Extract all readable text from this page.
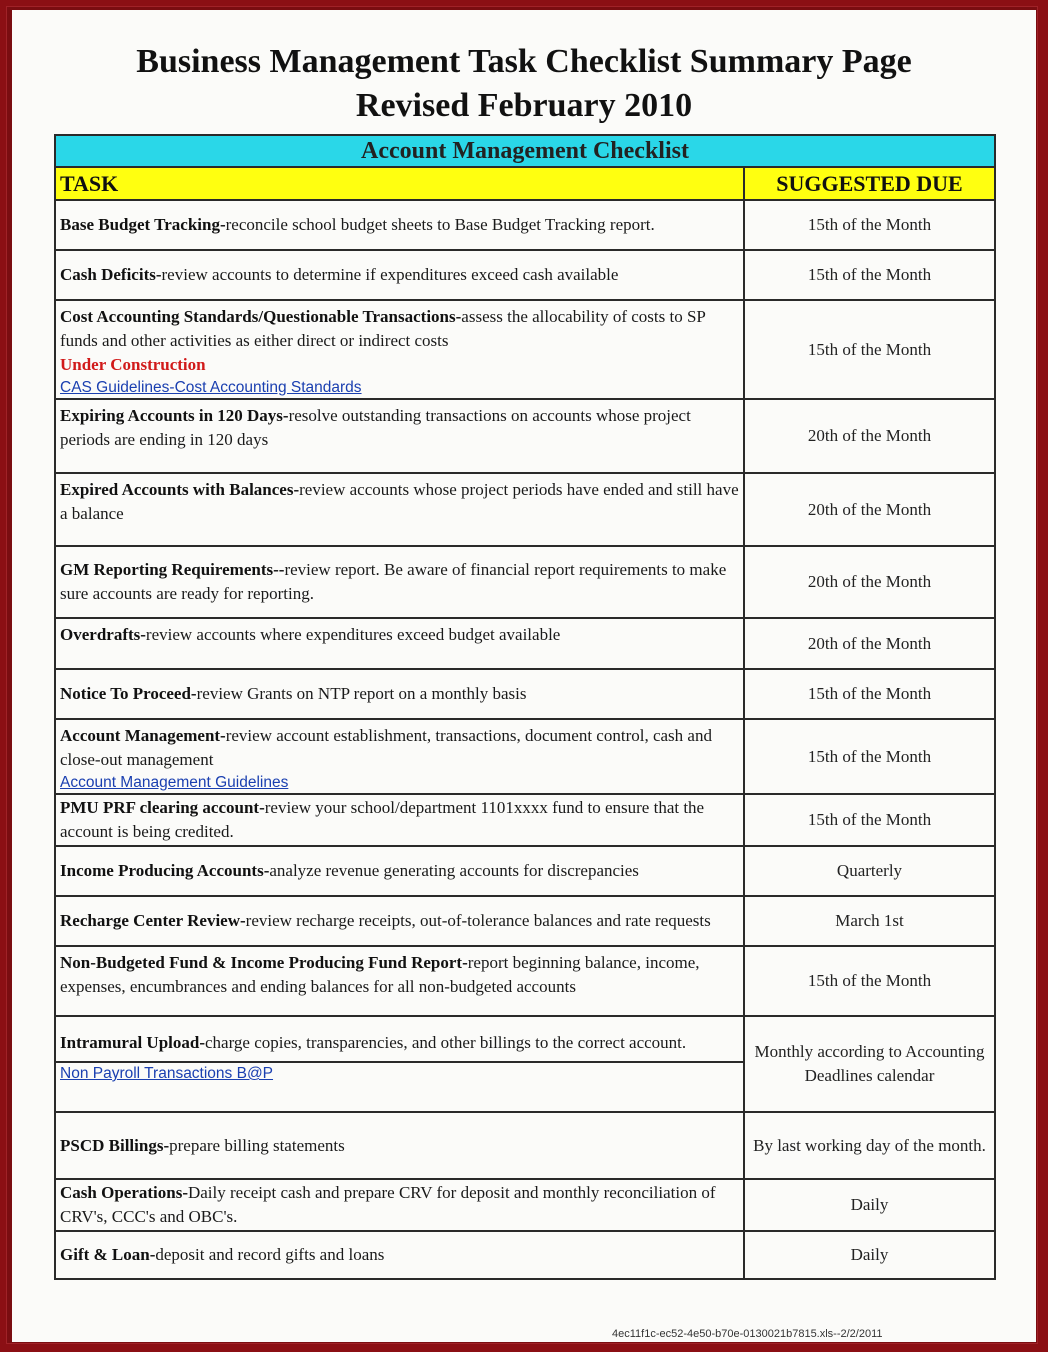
Business Management Task Checklist Summary Page
Revised February 2010
Account Management Checklist	
TASK	SUGGESTED DUE
Base Budget Tracking-reconcile school budget sheets to Base Budget Tracking report.	15th of the Month
Cash Deficits-review accounts to determine if expenditures exceed cash available	15th of the Month
Cost Accounting Standards/Questionable Transactions-assess the allocability of costs to SP funds and other activities as either direct or indirect costs
Under Construction
CAS Guidelines-Cost Accounting Standards	15th of the Month
Expiring Accounts in 120 Days-resolve outstanding transactions on accounts whose project periods are ending in 120 days	20th of the Month
Expired Accounts with Balances-review accounts whose project periods have ended and still have a balance	20th of the Month
GM Reporting Requirements--review report. Be aware of financial report requirements to make sure accounts are ready for reporting.	20th of the Month
Overdrafts-review accounts where expenditures exceed budget available	20th of the Month
Notice To Proceed-review Grants on NTP report on a monthly basis	15th of the Month
Account Management-review account establishment, transactions, document control, cash and close-out management
Account Management Guidelines	15th of the Month
PMU PRF clearing account-review your school/department 1101xxxx fund to ensure that the account is being credited.	15th of the Month
Income Producing Accounts-analyze revenue generating accounts for discrepancies	Quarterly
Recharge Center Review-review recharge receipts, out-of-tolerance balances and rate requests	March 1st
Non-Budgeted Fund & Income Producing Fund Report-report beginning balance, income, expenses, encumbrances and ending balances for all non-budgeted accounts	15th of the Month
Intramural Upload-charge copies, transparencies, and other billings to the correct account.
Non Payroll Transactions B@P	Monthly according to Accounting Deadlines calendar
PSCD Billings-prepare billing statements	By last working day of the month.
Cash Operations-Daily receipt cash and prepare CRV for deposit and monthly reconciliation of CRV's, CCC's and OBC's.	Daily
Gift & Loan-deposit and record gifts and loans	Daily
4ec11f1c-ec52-4e50-b70e-0130021b7815.xls--2/2/2011
